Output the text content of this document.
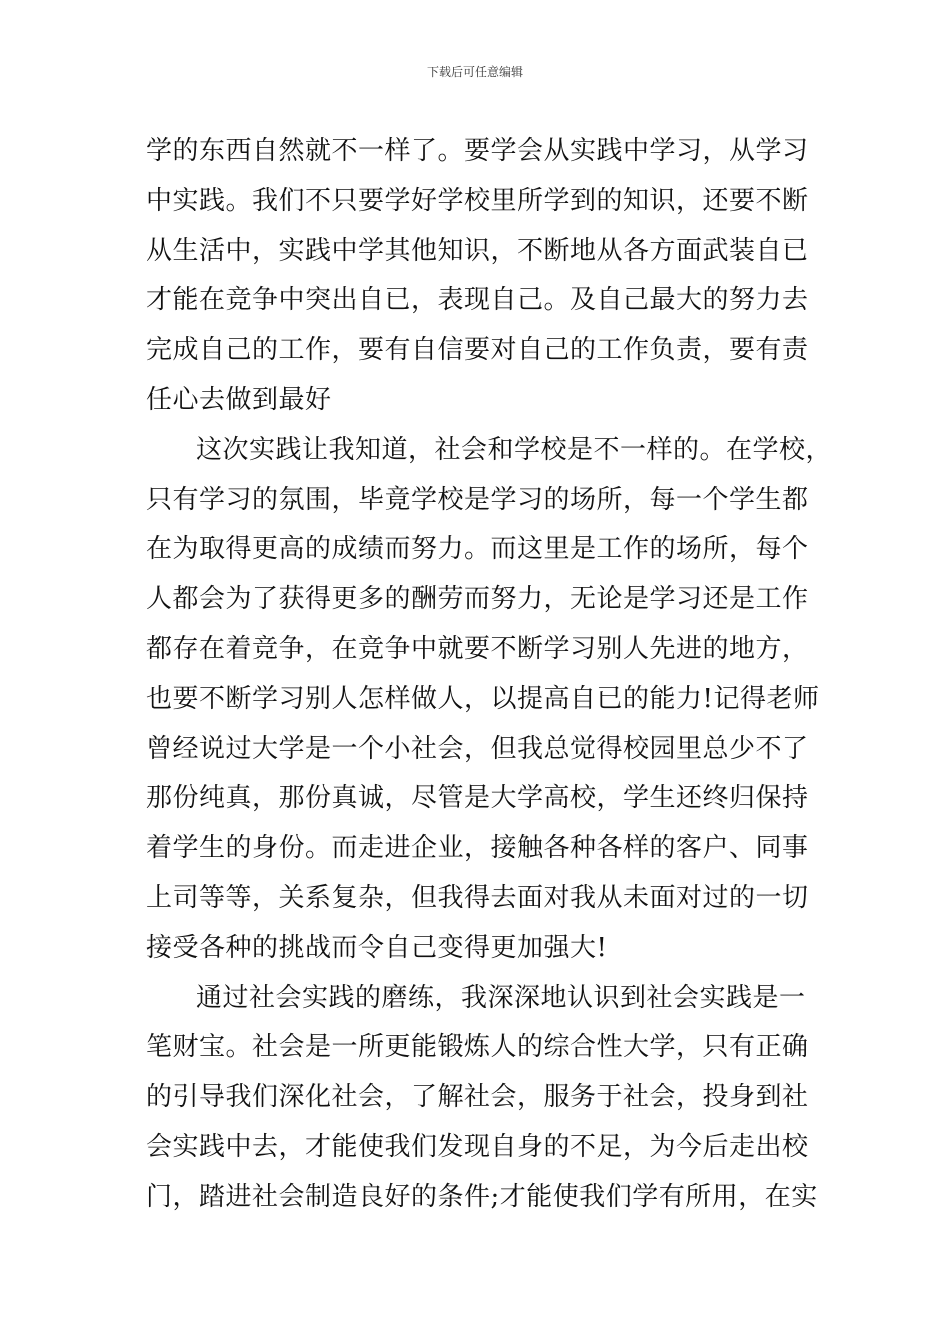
下载后可任意编辑
学的东西自然就不一样了。要学会从实践中学习，从学习
中实践。我们不只要学好学校里所学到的知识，还要不断
从生活中，实践中学其他知识，不断地从各方面武装自已
才能在竞争中突出自已，表现自己。及自己最大的努力去
完成自己的工作，要有自信要对自己的工作负责，要有责
任心去做到最好
这次实践让我知道，社会和学校是不一样的。在学校，
只有学习的氛围，毕竟学校是学习的场所，每一个学生都
在为取得更高的成绩而努力。而这里是工作的场所，每个
人都会为了获得更多的酬劳而努力，无论是学习还是工作
都存在着竞争，在竞争中就要不断学习别人先进的地方，
也要不断学习别人怎样做人，以提高自已的能力!记得老师
曾经说过大学是一个小社会，但我总觉得校园里总少不了
那份纯真，那份真诚，尽管是大学高校，学生还终归保持
着学生的身份。而走进企业，接触各种各样的客户、同事
上司等等，关系复杂，但我得去面对我从未面对过的一切
接受各种的挑战而令自己变得更加强大!
通过社会实践的磨练，我深深地认识到社会实践是一
笔财宝。社会是一所更能锻炼人的综合性大学，只有正确
的引导我们深化社会，了解社会，服务于社会，投身到社
会实践中去，才能使我们发现自身的不足，为今后走出校
门，踏进社会制造良好的条件;才能使我们学有所用，在实
